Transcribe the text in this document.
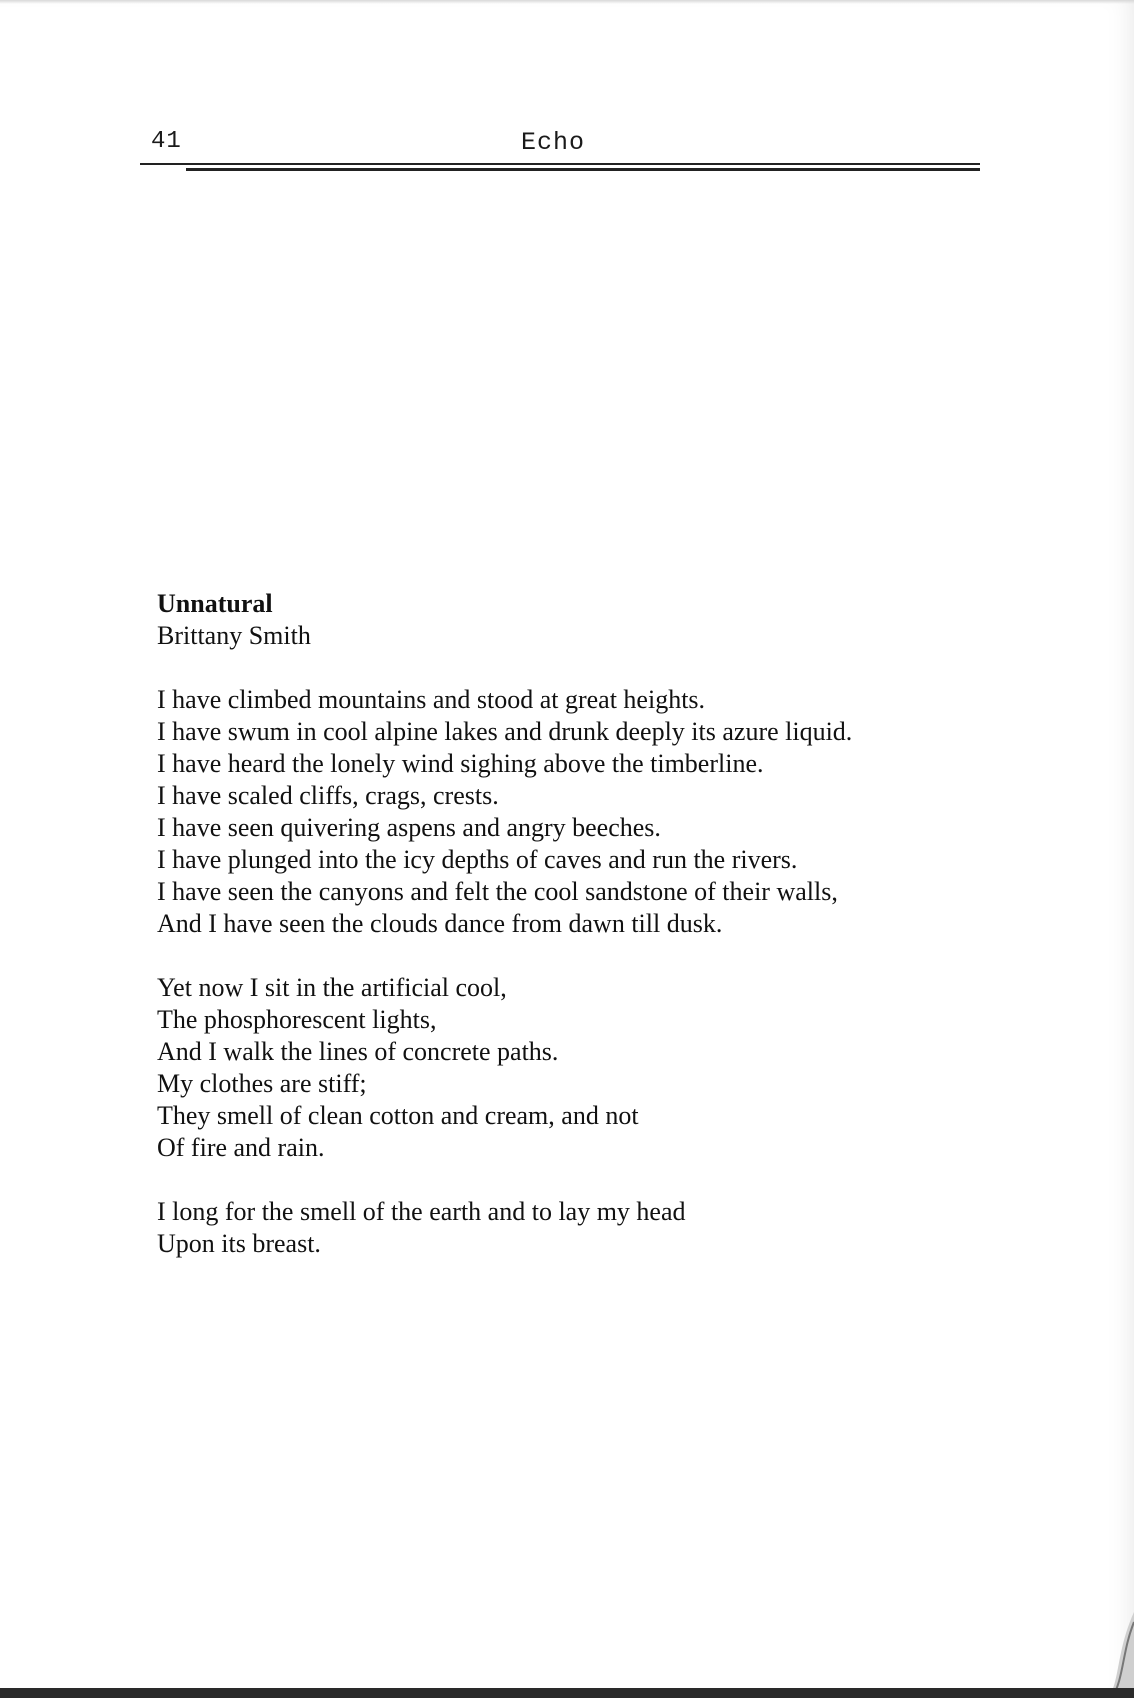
41	Echo
Unnatural
Brittany Smith
I have climbed mountains and stood at great heights.
I have swum in cool alpine lakes and drunk deeply its azure liquid.
I have heard the lonely wind sighing above the timberline.
I have scaled cliffs, crags, crests.
I have seen quivering aspens and angry beeches.
I have plunged into the icy depths of caves and run the rivers.
I have seen the canyons and felt the cool sandstone of their walls,
And I have seen the clouds dance from dawn till dusk.
Yet now I sit in the artificial cool,
The phosphorescent lights,
And I walk the lines of concrete paths.
My clothes are stiff;
They smell of clean cotton and cream, and not
Of fire and rain.
I long for the smell of the earth and to lay my head
Upon its breast.
